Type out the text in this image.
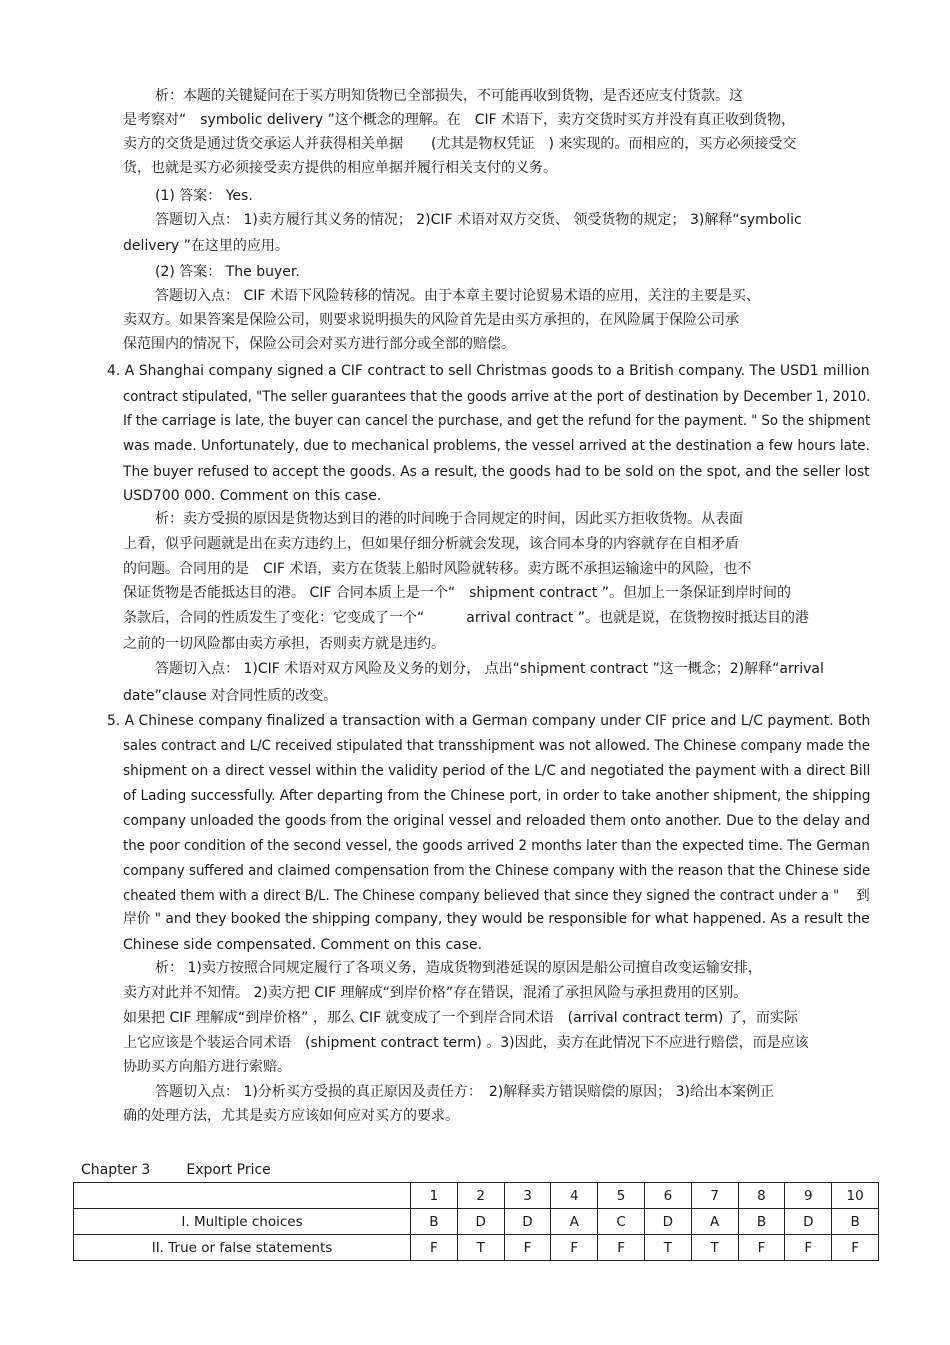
析：本题的关键疑问在于买方明知货物已全部损失，不可能再收到货物，是否还应支付货款。这
是考察对“　symbolic delivery ”这个概念的理解。在　CIF 术语下，卖方交货时买方并没有真正收到货物，
卖方的交货是通过货交承运人并获得相关单据　　(尤其是物权凭证　) 来实现的。而相应的，买方必须接受交
货，也就是买方必须接受卖方提供的相应单据并履行相关支付的义务。
(1) 答案： Yes.
答题切入点： 1)卖方履行其义务的情况； 2)CIF 术语对双方交货、 领受货物的规定； 3)解释“symbolic
delivery ”在这里的应用。
(2) 答案： The buyer.
答题切入点： CIF 术语下风险转移的情况。由于本章主要讨论贸易术语的应用，关注的主要是买、
卖双方。如果答案是保险公司，则要求说明损失的风险首先是由买方承担的，在风险属于保险公司承
保范围内的情况下，保险公司会对买方进行部分或全部的赔偿。
4. A Shanghai company signed a CIF contract to sell Christmas goods to a British company. The USD1 million
contract stipulated, "The seller guarantees that the goods arrive at the port of destination by December 1, 2010.
If the carriage is late, the buyer can cancel the purchase, and get the refund for the payment. " So the shipment
was made. Unfortunately, due to mechanical problems, the vessel arrived at the destination a few hours late.
The buyer refused to accept the goods. As a result, the goods had to be sold on the spot, and the seller lost
USD700 000. Comment on this case.
析：卖方受损的原因是货物达到目的港的时间晚于合同规定的时间，因此买方拒收货物。从表面
上看，似乎问题就是出在卖方违约上，但如果仔细分析就会发现，该合同本身的内容就存在自相矛盾
的问题。合同用的是　CIF 术语，卖方在货装上船时风险就转移。卖方既不承担运输途中的风险，也不
保证货物是否能抵达目的港。 CIF 合同本质上是一个“　shipment contract ”。但加上一条保证到岸时间的
条款后，合同的性质发生了变化：它变成了一个“　　　arrival contract ”。也就是说，在货物按时抵达目的港
之前的一切风险都由卖方承担，否则卖方就是违约。
答题切入点： 1)CIF 术语对双方风险及义务的划分， 点出“shipment contract ”这一概念；2)解释“arrival
date”clause 对合同性质的改变。
5. A Chinese company finalized a transaction with a German company under CIF price and L/C payment. Both
sales contract and L/C received stipulated that transshipment was not allowed. The Chinese company made the
shipment on a direct vessel within the validity period of the L/C and negotiated the payment with a direct Bill
of Lading successfully. After departing from the Chinese port, in order to take another shipment, the shipping
company unloaded the goods from the original vessel and reloaded them onto another. Due to the delay and
the poor condition of the second vessel, the goods arrived 2 months later than the expected time. The German
company suffered and claimed compensation from the Chinese company with the reason that the Chinese side
cheated them with a direct B/L. The Chinese company believed that since they signed the contract under a "　 到
岸价 " and they booked the shipping company, they would be responsible for what happened. As a result the
Chinese side compensated. Comment on this case.
析： 1)卖方按照合同规定履行了各项义务，造成货物到港延误的原因是船公司擅自改变运输安排，
卖方对此并不知情。 2)卖方把 CIF 理解成“到岸价格”存在错误，混淆了承担风险与承担费用的区别。
如果把 CIF 理解成“到岸价格” ，那么 CIF 就变成了一个到岸合同术语　(arrival contract term) 了，而实际
上它应该是个装运合同术语　(shipment contract term) 。3)因此，卖方在此情况下不应进行赔偿，而是应该
协助买方向船方进行索赔。
答题切入点： 1)分析买方受损的真正原因及责任方：　2)解释卖方错误赔偿的原因； 3)给出本案例正
确的处理方法，尤其是卖方应该如何应对买方的要求。
Chapter 3	Export Price
	1	2	3	4	5	6	7	8	9	10
I. Multiple choices	B	D	D	A	C	D	A	B	D	B
II. True or false statements	F	T	F	F	F	T	T	F	F	F
